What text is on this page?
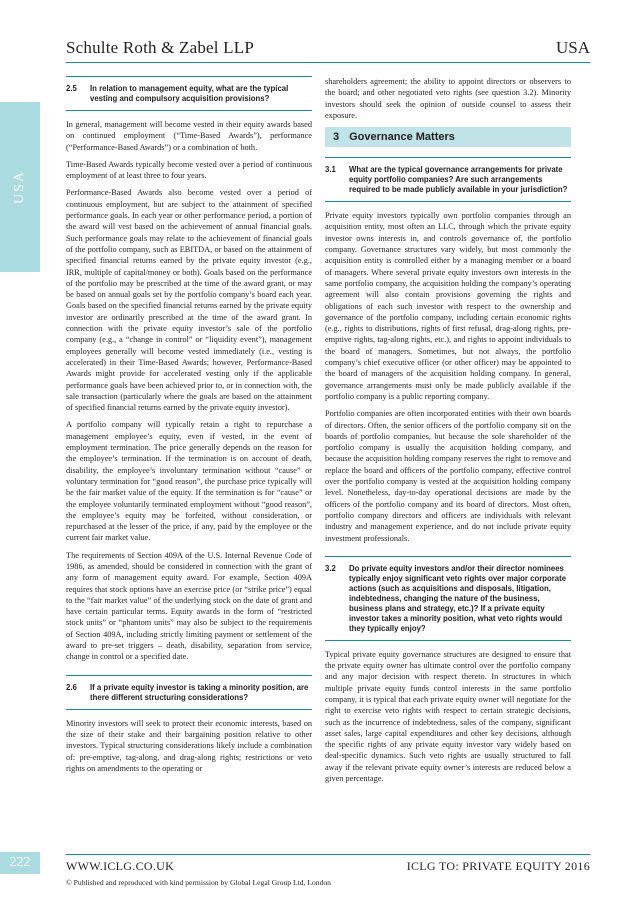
Schulte Roth & Zabel LLP	USA
USA
2.5 In relation to management equity, what are the typical vesting and compulsory acquisition provisions?

In general, management will become vested in their equity awards based on continued employment (“Time-Based Awards”), performance (“Performance-Based Awards”) or a combination of both.

Time-Based Awards typically become vested over a period of continuous employment of at least three to four years.

Performance-Based Awards also become vested over a period of continuous employment, but are subject to the attainment of specified performance goals. In each year or other performance period, a portion of the award will vest based on the achievement of annual financial goals. Such performance goals may relate to the achievement of financial goals of the portfolio company, such as EBITDA, or based on the attainment of specified financial returns earned by the private equity investor (e.g., IRR, multiple of capital/money or both). Goals based on the performance of the portfolio may be prescribed at the time of the award grant, or may be based on annual goals set by the portfolio company’s board each year. Goals based on the specified financial returns earned by the private equity investor are ordinarily prescribed at the time of the award grant. In connection with the private equity investor’s sale of the portfolio company (e.g., a “change in control” or “liquidity event”), management employees generally will become vested immediately (i.e., vesting is accelerated) in their Time-Based Awards; however, Performance-Based Awards might provide for accelerated vesting only if the applicable performance goals have been achieved prior to, or in connection with, the sale transaction (particularly where the goals are based on the attainment of specified financial returns earned by the private equity investor).

A portfolio company will typically retain a right to repurchase a management employee’s equity, even if vested, in the event of employment termination. The price generally depends on the reason for the employee’s termination. If the termination is on account of death, disability, the employee’s involuntary termination without “cause” or voluntary termination for “good reason”, the purchase price typically will be the fair market value of the equity. If the termination is for “cause” or the employee voluntarily terminated employment without “good reason”, the employee’s equity may be forfeited, without consideration, or repurchased at the lesser of the price, if any, paid by the employee or the current fair market value.

The requirements of Section 409A of the U.S. Internal Revenue Code of 1986, as amended, should be considered in connection with the grant of any form of management equity award. For example, Section 409A requires that stock options have an exercise price (or “strike price”) equal to the “fair market value” of the underlying stock on the date of grant and have certain particular terms. Equity awards in the form of “restricted stock units” or “phantom units” may also be subject to the requirements of Section 409A, including strictly limiting payment or settlement of the award to pre-set triggers – death, disability, separation from service, change in control or a specified date.

2.6 If a private equity investor is taking a minority position, are there different structuring considerations?

Minority investors will seek to protect their economic interests, based on the size of their stake and their bargaining position relative to other investors. Typical structuring considerations likely include a combination of: pre-emptive, tag-along, and drag-along rights; restrictions or veto rights on amendments to the operating or

shareholders agreement; the ability to appoint directors or observers to the board; and other negotiated veto rights (see question 3.2). Minority investors should seek the opinion of outside counsel to assess their exposure.

3 Governance Matters
3.1 What are the typical governance arrangements for private equity portfolio companies? Are such arrangements required to be made publicly available in your jurisdiction?

Private equity investors typically own portfolio companies through an acquisition entity, most often an LLC, through which the private equity investor owns interests in, and controls governance of, the portfolio company. Governance structures vary widely, but most commonly the acquisition entity is controlled either by a managing member or a board of managers. Where several private equity investors own interests in the same portfolio company, the acquisition holding the company’s operating agreement will also contain provisions governing the rights and obligations of each such investor with respect to the ownership and governance of the portfolio company, including certain economic rights (e.g., rights to distributions, rights of first refusal, drag-along rights, pre-emptive rights, tag-along rights, etc.), and rights to appoint individuals to the board of managers. Sometimes, but not always, the portfolio company’s chief executive officer (or other officer) may be appointed to the board of managers of the acquisition holding company. In general, governance arrangements must only be made publicly available if the portfolio company is a public reporting company.

Portfolio companies are often incorporated entities with their own boards of directors. Often, the senior officers of the portfolio company sit on the boards of portfolio companies, but because the sole shareholder of the portfolio company is usually the acquisition holding company, and because the acquisition holding company reserves the right to remove and replace the board and officers of the portfolio company, effective control over the portfolio company is vested at the acquisition holding company level. Nonetheless, day-to-day operational decisions are made by the officers of the portfolio company and its board of directors. Most often, portfolio company directors and officers are individuals with relevant industry and management experience, and do not include private equity investment professionals.

3.2 Do private equity investors and/or their director nominees typically enjoy significant veto rights over major corporate actions (such as acquisitions and disposals, litigation, indebtedness, changing the nature of the business, business plans and strategy, etc.)? If a private equity investor takes a minority position, what veto rights would they typically enjoy?

Typical private equity governance structures are designed to ensure that the private equity owner has ultimate control over the portfolio company and any major decision with respect thereto. In structures in which multiple private equity funds control interests in the same portfolio company, it is typical that each private equity owner will negotiate for the right to exercise veto rights with respect to certain strategic decisions, such as the incurrence of indebtedness, sales of the company, significant asset sales, large capital expenditures and other key decisions, although the specific rights of any private equity investor vary widely based on deal-specific dynamics. Such veto rights are usually structured to fall away if the relevant private equity owner’s interests are reduced below a given percentage.

222	WWW.ICLG.CO.UK	ICLG TO: PRIVATE EQUITY 2016
© Published and reproduced with kind permission by Global Legal Group Ltd, London
